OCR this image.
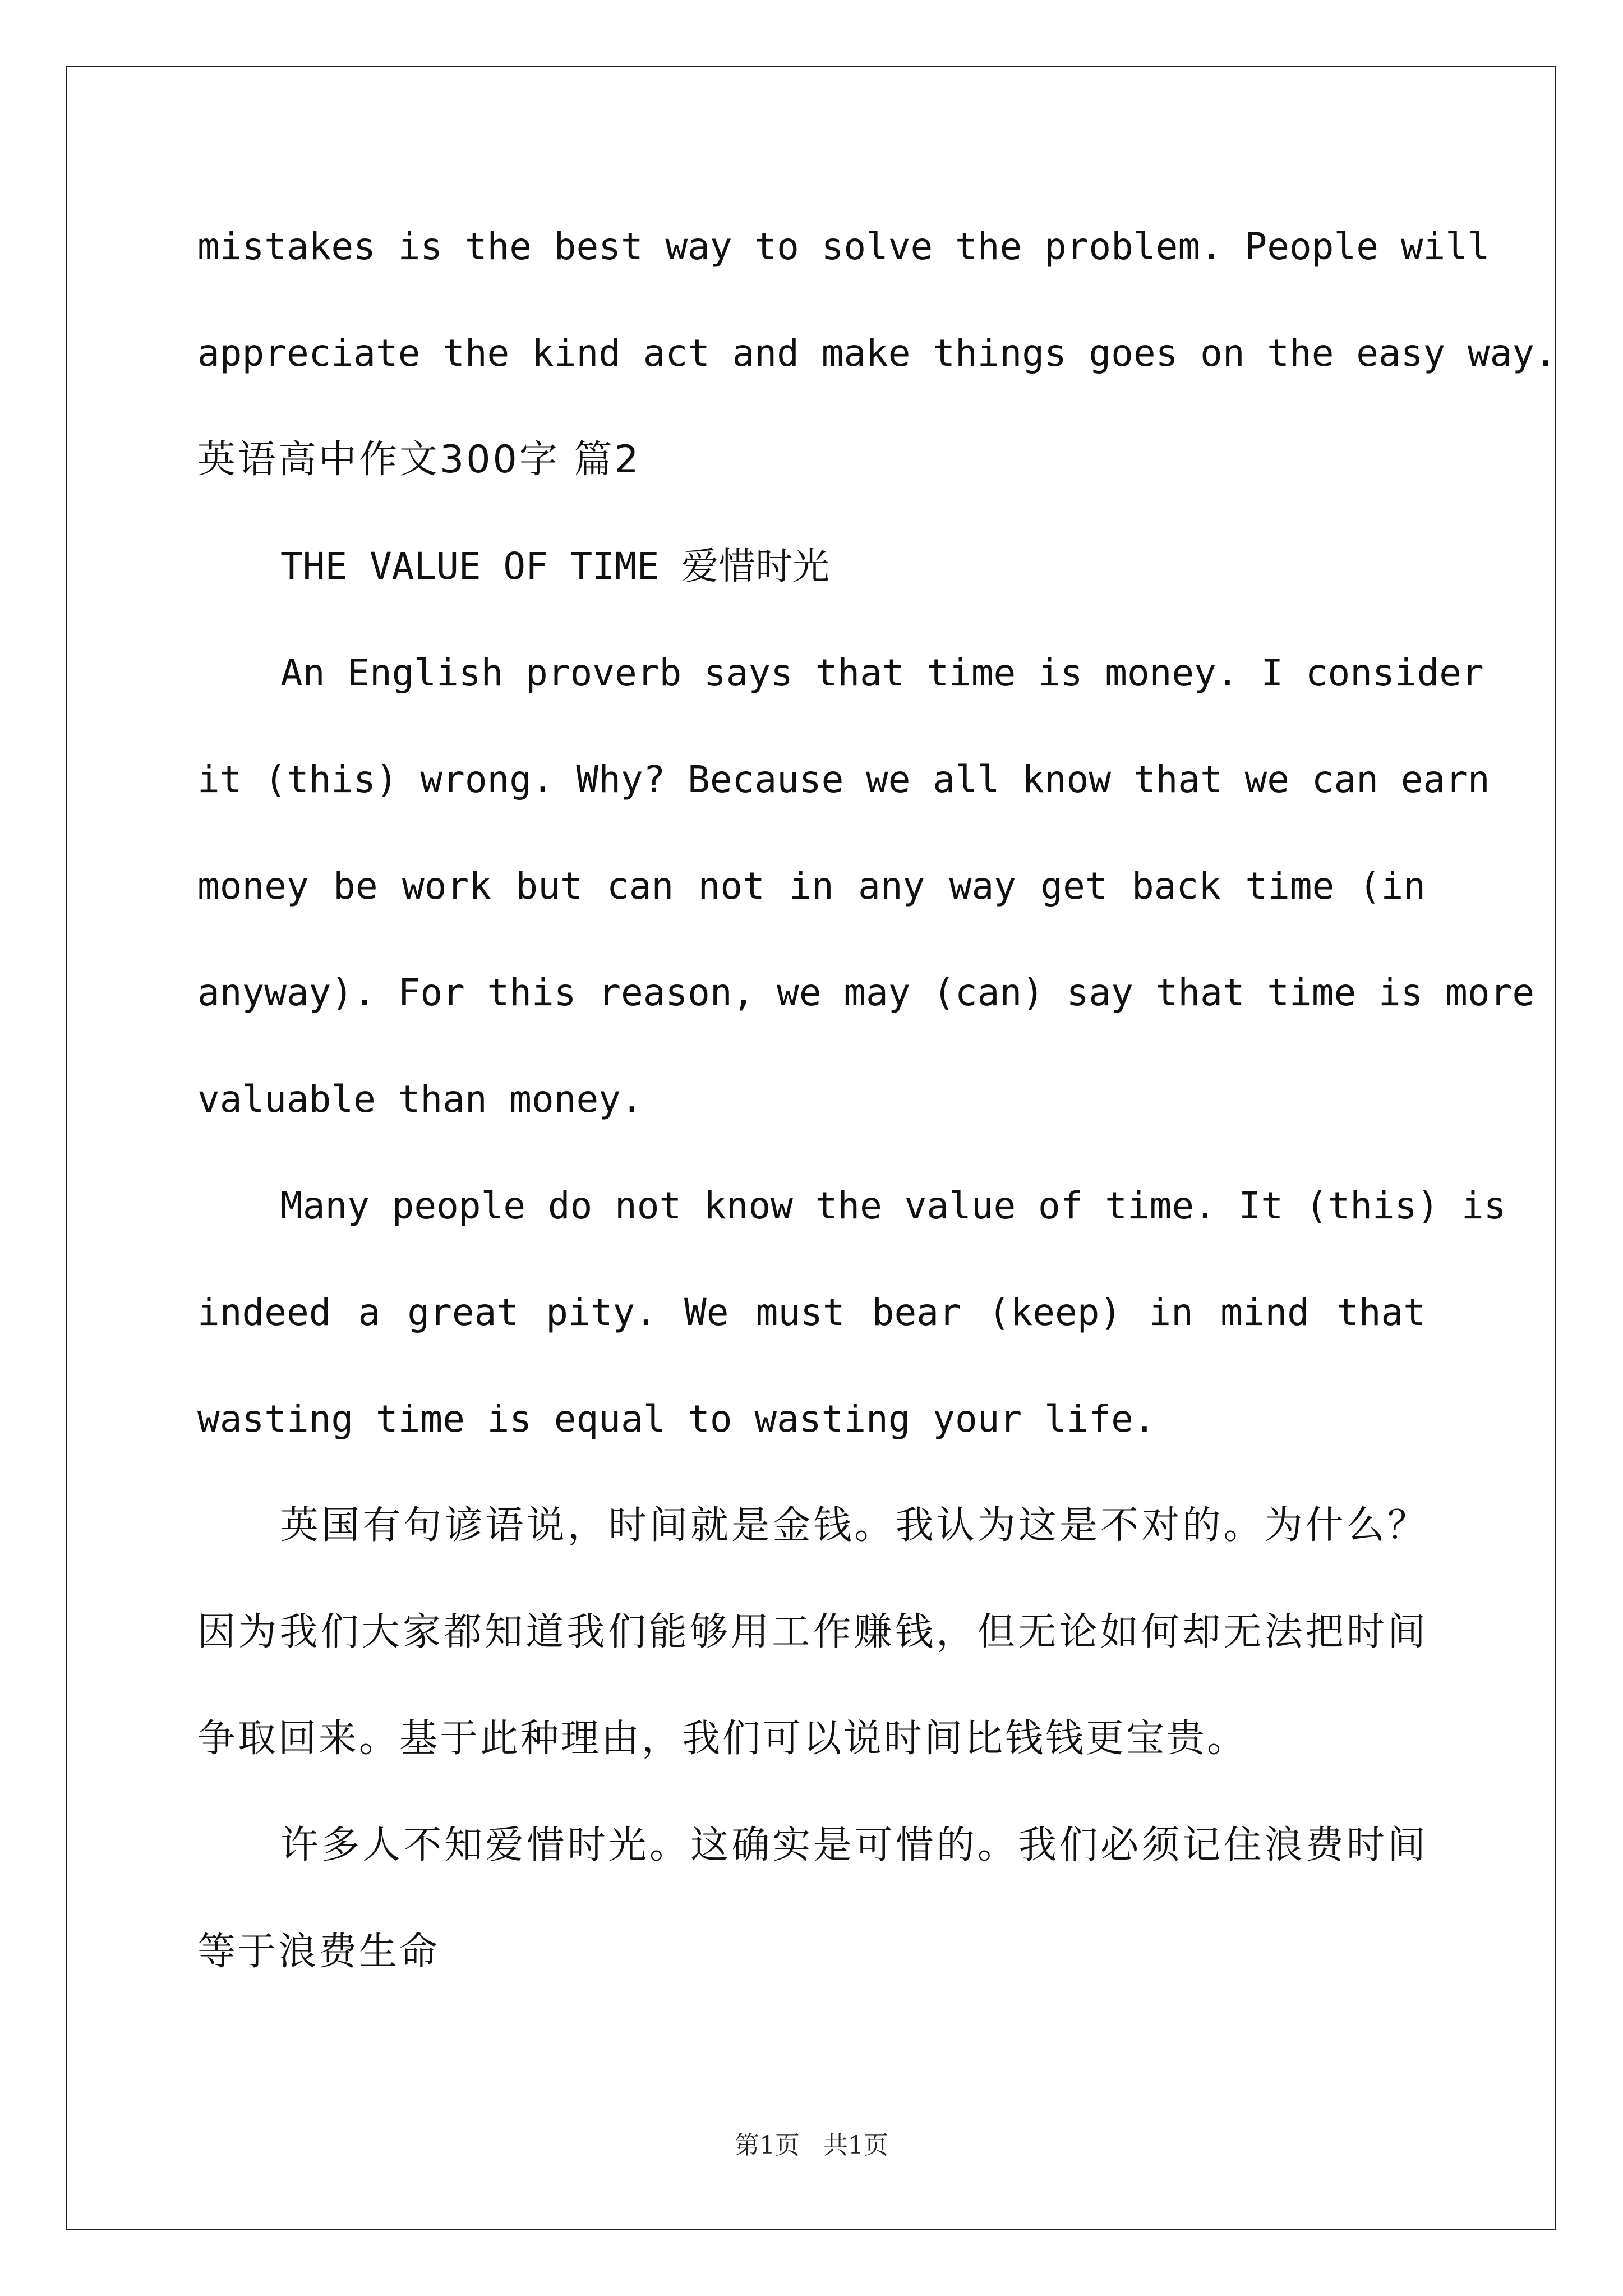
mistakes is the best way to solve the problem. People will
appreciate the kind act and make things goes on the easy way.
英语高中作文300字 篇2
THE VALUE OF TIME 爱惜时光
An English proverb says that time is money. I consider
it (this) wrong. Why? Because we all know that we can earn
money be work but can not in any way get back time (in
anyway). For this reason, we may (can) say that time is more
valuable than money.
Many people do not know the value of time. It (this) is
indeed a great pity. We must bear (keep) in mind that
wasting time is equal to wasting your life.
英国有句谚语说，时间就是金钱。我认为这是不对的。为什么？
因为我们大家都知道我们能够用工作赚钱，但无论如何却无法把时间
争取回来。基于此种理由，我们可以说时间比钱钱更宝贵。
许多人不知爱惜时光。这确实是可惜的。我们必须记住浪费时间
等于浪费生命
第1页 共1页
